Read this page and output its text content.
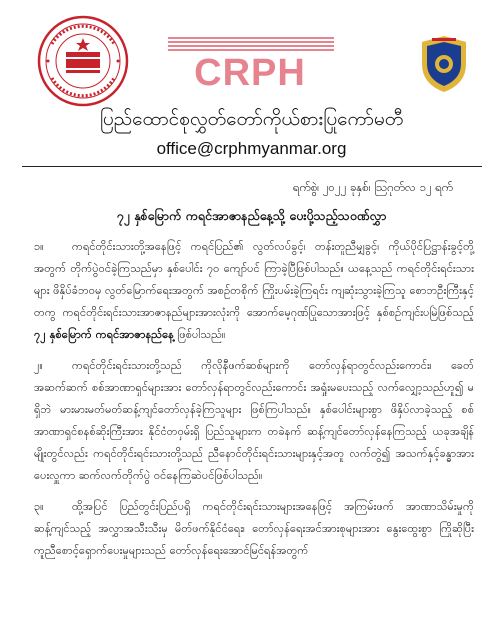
CRPH
ပြည်ထောင်စုလွှတ်တော်ကိုယ်စားပြုကော်မတီ
office@crphmyanmar.org
ရက်စွဲ၊ ၂၀၂၂ ခုနှစ်၊ ဩဂုတ်လ ၁၂ ရက်
၇၂ နှစ်မြောက် ကရင်အာဇာနည်နေ့သို့ ပေးပို့သည့်သဝဏ်လွှာ

၁။	ကရင်တိုင်းသားတို့အနေဖြင့် ကရင်ပြည်၏ လွတ်လပ်ခွင့်၊ တန်းတူညီမျှခွင့်၊ ကိုယ်ပိုင်ပြဋ္ဌာန်းခွင့်တို့အတွက် တိုက်ပွဲဝင်ခဲ့ကြသည်မှာ နှစ်ပေါင်း ၇၀ ကျော်ပင် ကြာခဲ့ပြီဖြစ်ပါသည်။ ယနေ့သည် ကရင်တိုင်းရင်းသားများ ဖိနှိပ်ခံဘဝမှ လွတ်မြောက်ရေးအတွက် အစဉ်တစိုက် ကြိုးပမ်းခဲ့ကြရင်း ကျဆုံးသွားခဲ့ကြသူ စောဘဦးကြီးနှင့်တကွ ကရင်တိုင်းရင်းသားအာဇာနည်များအားလုံးကို အောက်မေ့ဂုဏ်ပြုသောအားဖြင့် နှစ်စဉ်ကျင်းပမြဲဖြစ်သည့် ၇၂ နှစ်မြောက် ကရင်အာဇာနည်နေ့ ဖြစ်ပါသည်။

၂။	ကရင်တိုင်းရင်းသားတို့သည် ကိုလိုနီဖက်ဆစ်များကို တော်လှန်ရာတွင်လည်းကောင်း၊ ခေတ်အဆက်ဆက် စစ်အာဏာရှင်များအား တော်လှန်ရာတွင်လည်းကောင်း အရှုံးမပေးသည့် လက်လျှော့သည်ဟူ၍ မရှိဘဲ မားမားမတ်မတ်ဆန့်ကျင်တော်လှန်ခဲ့ကြသူများ ဖြစ်ကြပါသည်။ နှစ်ပေါင်းများစွာ ဖိနှိပ်လာခဲ့သည့် စစ်အာဏာရှင်စနစ်ဆိုးကြီးအား နိုင်ငံတဝှမ်းရှိ ပြည်သူများက တခဲနက် ဆန့်ကျင်တော်လှန်နေကြသည့် ယခုအချိန်မျိုးတွင်လည်း ကရင်တိုင်းရင်းသားတို့သည် ညီနောင်တိုင်းရင်းသားများနှင့်အတူ လက်တွဲ၍ အသက်နှင့်ခန္ဓာအား ပေးလှူကာ ဆက်လက်တိုက်ပွဲ ဝင်နေကြဆဲပင်ဖြစ်ပါသည်။

၃။	ထို့အပြင် ပြည်တွင်းပြည်ပရှိ ကရင်တိုင်းရင်းသားများအနေဖြင့် အကြမ်းဖက် အာဏာသိမ်းမှုကို ဆန့်ကျင်သည့် အလွှာအသီးသီးမှ မိတ်ဖက်နိုင်ငံရေး၊ တော်လှန်ရေးအင်အားစုများအား နွေးထွေးစွာ ကြိုဆိုပြီး ကူညီစောင့်ရှောက်ပေးမှုများသည် တော်လှန်ရေးအောင်မြင်ရန်အတွက်
